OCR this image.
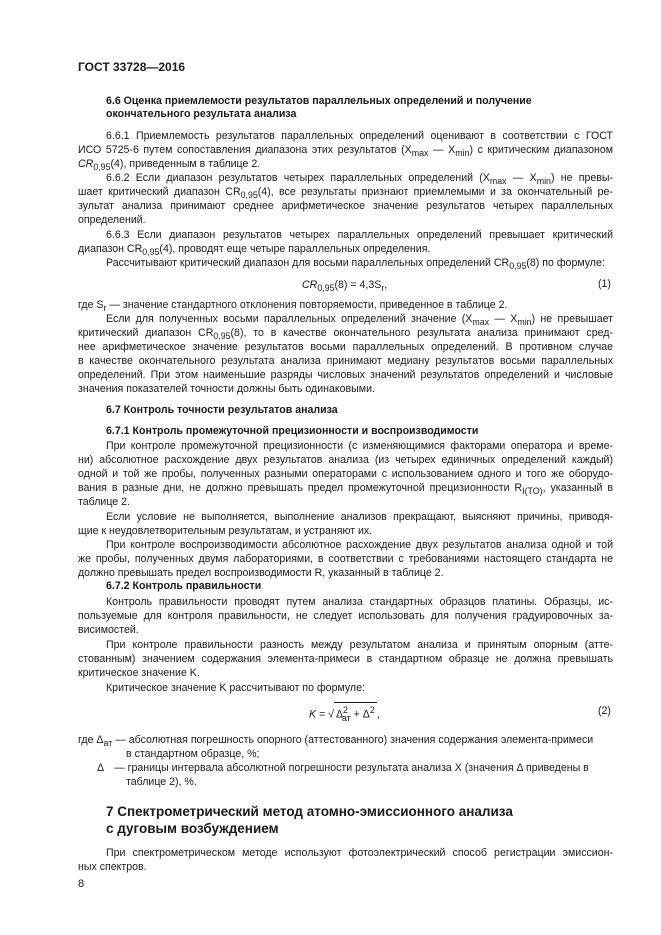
ГОСТ 33728—2016
6.6 Оценка приемлемости результатов параллельных определений и получение
окончательного результата анализа
6.6.1 Приемлемость результатов параллельных определений оценивают в соответствии с ГОСТ
ИСО 5725-6 путем сопоставления диапазона этих результатов ($X_{max}$ — $X_{min}$) с критическим диапазоном
$CR_{0,95}(4)$, приведенным в таблице 2.
6.6.2 Если диапазон результатов четырех параллельных определений ($X_{max}$ — $X_{min}$) не превы-
шает критический диапазон $CR_{0,95}(4)$, все результаты признают приемлемыми и за окончательный ре-
зультат анализа принимают среднее арифметическое значение результатов четырех параллельных
определений.
6.6.3 Если диапазон результатов четырех параллельных определений превышает критический
диапазон $CR_{0,95}(4)$, проводят еще четыре параллельных определения.
Рассчитывают критический диапазон для восьми параллельных определений $CR_{0,95}(8)$ по формуле:
$CR_{0,95}(8) = 4,3S_r$,	(1)
где $S_r$ — значение стандартного отклонения повторяемости, приведенное в таблице 2.
Если для полученных восьми параллельных определений значение ($X_{max}$ — $X_{min}$) не превышает
критический диапазон $CR_{0,95}(8)$, то в качестве окончательного результата анализа принимают сред-
нее арифметическое значение результатов восьми параллельных определений. В противном случае
в качестве окончательного результата анализа принимают медиану результатов восьми параллельных
определений. При этом наименьшие разряды числовых значений результатов определений и числовые
значения показателей точности должны быть одинаковыми.
6.7 Контроль точности результатов анализа
6.7.1 Контроль промежуточной прецизионности и воспроизводимости
При контроле промежуточной прецизионности (с изменяющимися факторами оператора и време-
ни) абсолютное расхождение двух результатов анализа (из четырех единичных определений каждый)
одной и той же пробы, полученных разными операторами с использованием одного и того же оборудо-
вания в разные дни, не должно превышать предел промежуточной прецизионности $R_{I(TO)}$, указанный в
таблице 2.
Если условие не выполняется, выполнение анализов прекращают, выясняют причины, приводя-
щие к неудовлетворительным результатам, и устраняют их.
При контроле воспроизводимости абсолютное расхождение двух результатов анализа одной и той
же пробы, полученных двумя лабораториями, в соответствии с требованиями настоящего стандарта не
должно превышать предел воспроизводимости R, указанный в таблице 2.
6.7.2 Контроль правильности
Контроль правильности проводят путем анализа стандартных образцов платины. Образцы, ис-
пользуемые для контроля правильности, не следует использовать для получения градуировочных за-
висимостей.
При контроле правильности разность между результатом анализа и принятым опорным (атте-
стованным) значением содержания элемента-примеси в стандартном образце не должна превышать
критическое значение K.
Критическое значение K рассчитывают по формуле:
K = √ $\Delta^2_{ат} + \Delta^2$ ,	(2)
где $\Delta_{ат}$ — абсолютная погрешность опорного (аттестованного) значения содержания элемента-примеси
в стандартном образце, %;
Δ — границы интервала абсолютной погрешности результата анализа X (значения Δ приведены в
таблице 2), %.
7 Спектрометрический метод атомно-эмиссионного анализа
с дуговым возбуждением
При спектрометрическом методе используют фотоэлектрический способ регистрации эмиссион-
ных спектров.
8
